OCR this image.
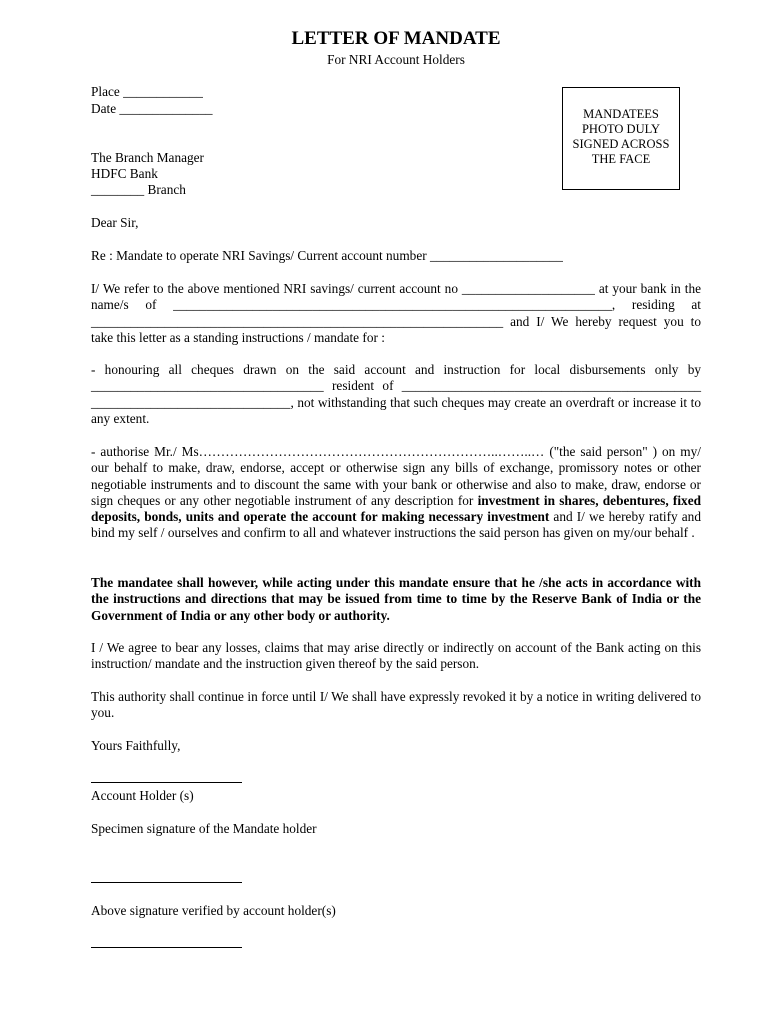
LETTER OF MANDATE
For NRI Account Holders
Place ____________
Date ______________	MANDATEES
PHOTO DULY
SIGNED ACROSS
THE FACE
The Branch Manager
HDFC Bank
________ Branch
Dear Sir,
Re : Mandate to operate NRI Savings/ Current account number ____________________
I/ We refer to the above mentioned NRI savings/ current account no ____________________ at your bank in the name/s of __________________________________________________________________, residing at ______________________________________________________________ and I/ We hereby request you to take this letter as a standing instructions / mandate for :
- honouring all cheques drawn on the said account and instruction for local disbursements only by ___________________________________ resident of _____________________________________________ ______________________________, not withstanding that such cheques may create an overdraft or increase it to any extent.
- authorise Mr./ Ms…………………………………………………………..……..… ("the said person" ) on my/ our behalf to make, draw, endorse, accept or otherwise sign any bills of exchange, promissory notes or other negotiable instruments and to discount the same with your bank or otherwise and also to make, draw, endorse or sign cheques or any other negotiable instrument of any description for investment in shares, debentures, fixed deposits, bonds, units and operate the account for making necessary investment and I/ we hereby ratify and bind my self / ourselves and confirm to all and whatever instructions the said person has given on my/our behalf .
The mandatee shall however, while acting under this mandate ensure that he /she acts in accordance with the instructions and directions that may be issued from time to time by the Reserve Bank of India or the Government of India or any other body or authority.
I / We agree to bear any losses, claims that may arise directly or indirectly on account of the Bank acting on this instruction/ mandate and the instruction given thereof by the said person.
This authority shall continue in force until I/ We shall have expressly revoked it by a notice in writing delivered to you.
Yours Faithfully,
Account Holder (s)
Specimen signature of the Mandate holder
Above signature verified by account holder(s)
